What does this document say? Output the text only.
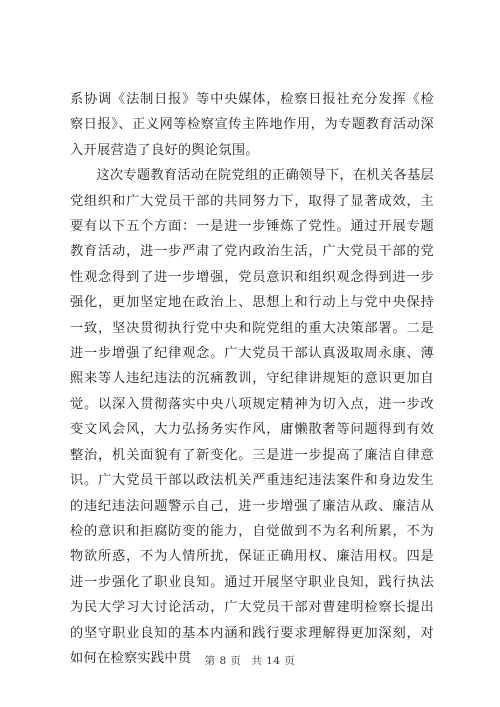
系协调《法制日报》等中央媒体，检察日报社充分发挥《检察日报》、正义网等检察宣传主阵地作用，为专题教育活动深入开展营造了良好的舆论氛围。

这次专题教育活动在院党组的正确领导下，在机关各基层党组织和广大党员干部的共同努力下，取得了显著成效，主要有以下五个方面：一是进一步锤炼了党性。通过开展专题教育活动，进一步严肃了党内政治生活，广大党员干部的党性观念得到了进一步增强，党员意识和组织观念得到进一步强化，更加坚定地在政治上、思想上和行动上与党中央保持一致，坚决贯彻执行党中央和院党组的重大决策部署。二是进一步增强了纪律观念。广大党员干部认真汲取周永康、薄熙来等人违纪违法的沉痛教训，守纪律讲规矩的意识更加自觉。以深入贯彻落实中央八项规定精神为切入点，进一步改变文风会风，大力弘扬务实作风，庸懒散奢等问题得到有效整治，机关面貌有了新变化。三是进一步提高了廉洁自律意识。广大党员干部以政法机关严重违纪违法案件和身边发生的违纪违法问题警示自己，进一步增强了廉洁从政、廉洁从检的意识和拒腐防变的能力，自觉做到不为名利所累，不为物欲所惑，不为人情所扰，保证正确用权、廉洁用权。四是进一步强化了职业良知。通过开展坚守职业良知，践行执法为民大学习大讨论活动，广大党员干部对曹建明检察长提出的坚守职业良知的基本内涵和践行要求理解得更加深刻，对如何在检察实践中贯	第 8 页 共 14 页
